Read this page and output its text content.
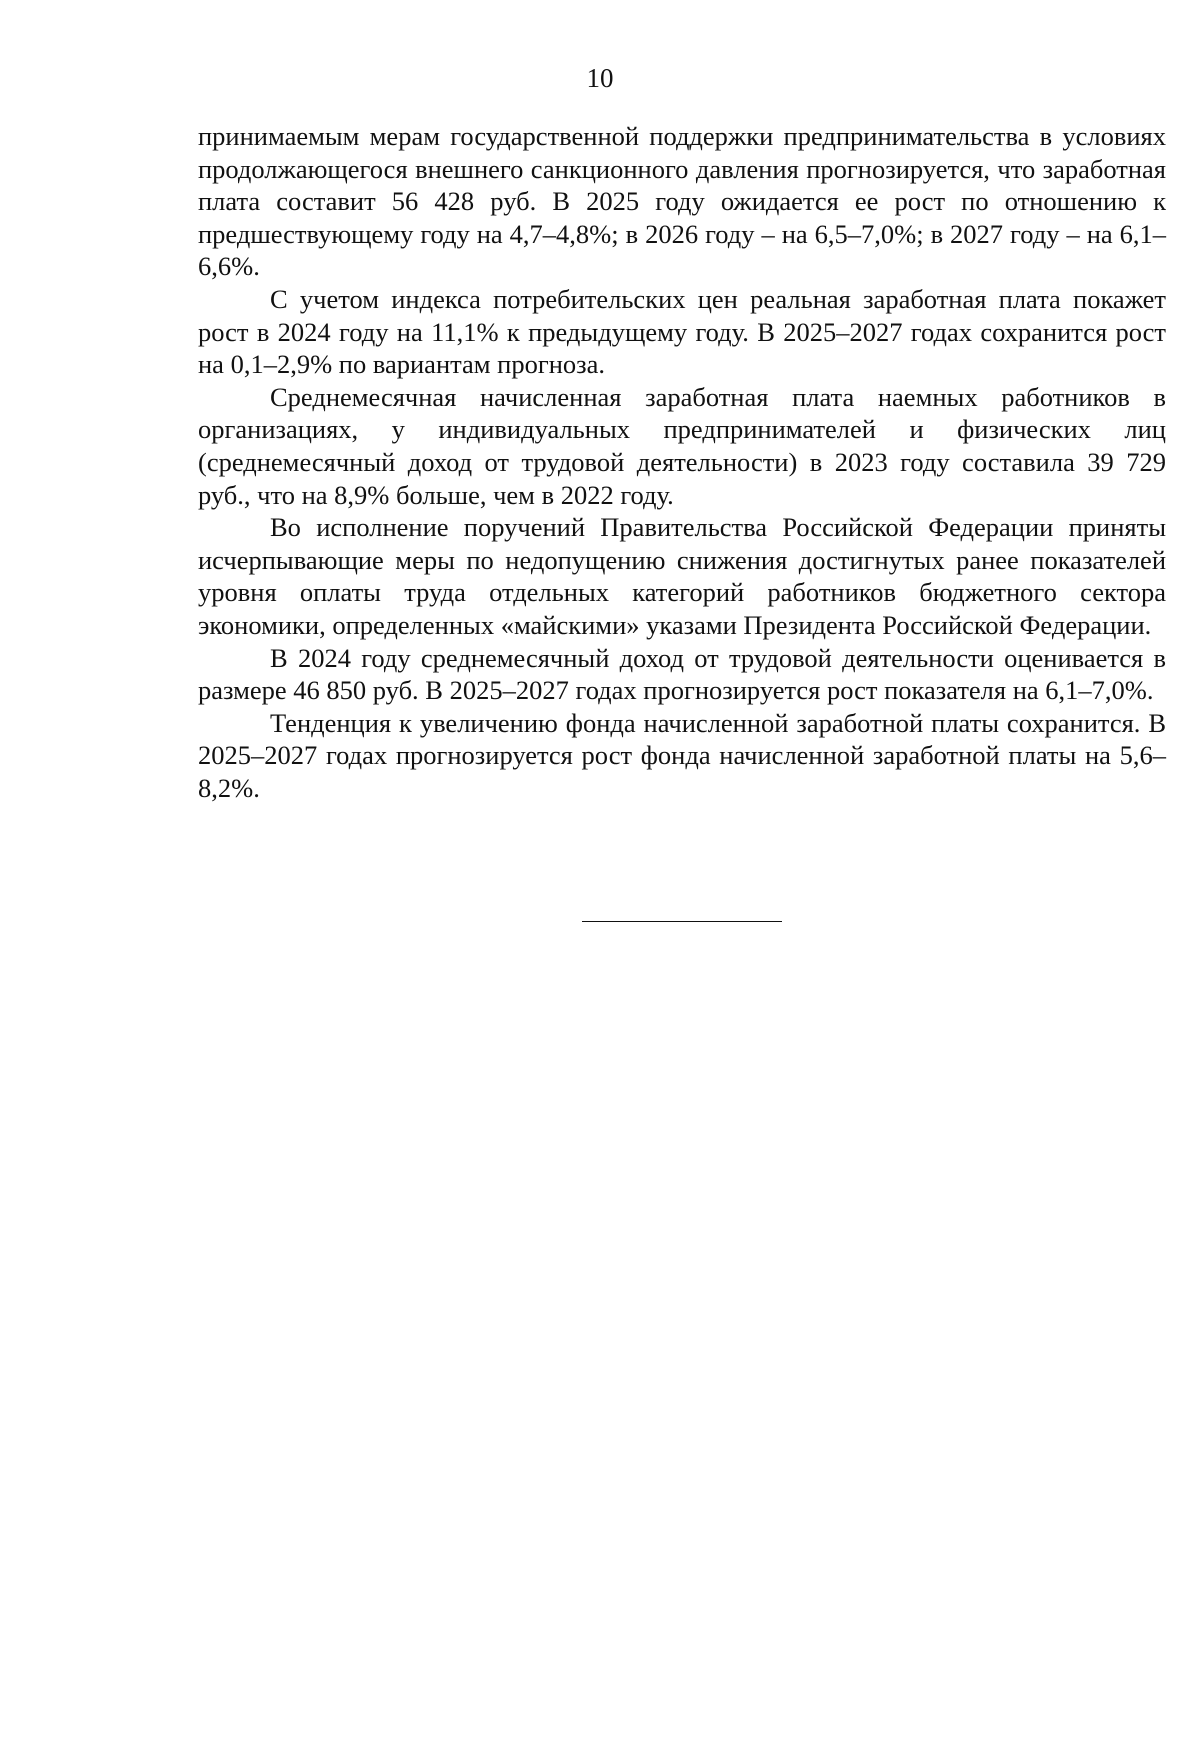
10

принимаемым мерам государственной поддержки предпринимательства в условиях продолжающегося внешнего санкционного давления прогнозируется, что заработная плата составит 56 428 руб. В 2025 году ожидается ее рост по отношению к предшествующему году на 4,7–4,8%; в 2026 году – на 6,5–7,0%; в 2027 году – на 6,1–6,6%.

С учетом индекса потребительских цен реальная заработная плата покажет рост в 2024 году на 11,1% к предыдущему году. В 2025–2027 годах сохранится рост на 0,1–2,9% по вариантам прогноза.

Среднемесячная начисленная заработная плата наемных работников в организациях, у индивидуальных предпринимателей и физических лиц (среднемесячный доход от трудовой деятельности) в 2023 году составила 39 729 руб., что на 8,9% больше, чем в 2022 году.

Во исполнение поручений Правительства Российской Федерации приняты исчерпывающие меры по недопущению снижения достигнутых ранее показателей уровня оплаты труда отдельных категорий работников бюджетного сектора экономики, определенных «майскими» указами Президента Российской Федерации.

В 2024 году среднемесячный доход от трудовой деятельности оценивается в размере 46 850 руб. В 2025–2027 годах прогнозируется рост показателя на 6,1–7,0%.

Тенденция к увеличению фонда начисленной заработной платы сохранится. В 2025–2027 годах прогнозируется рост фонда начисленной заработной платы на 5,6–8,2%.
